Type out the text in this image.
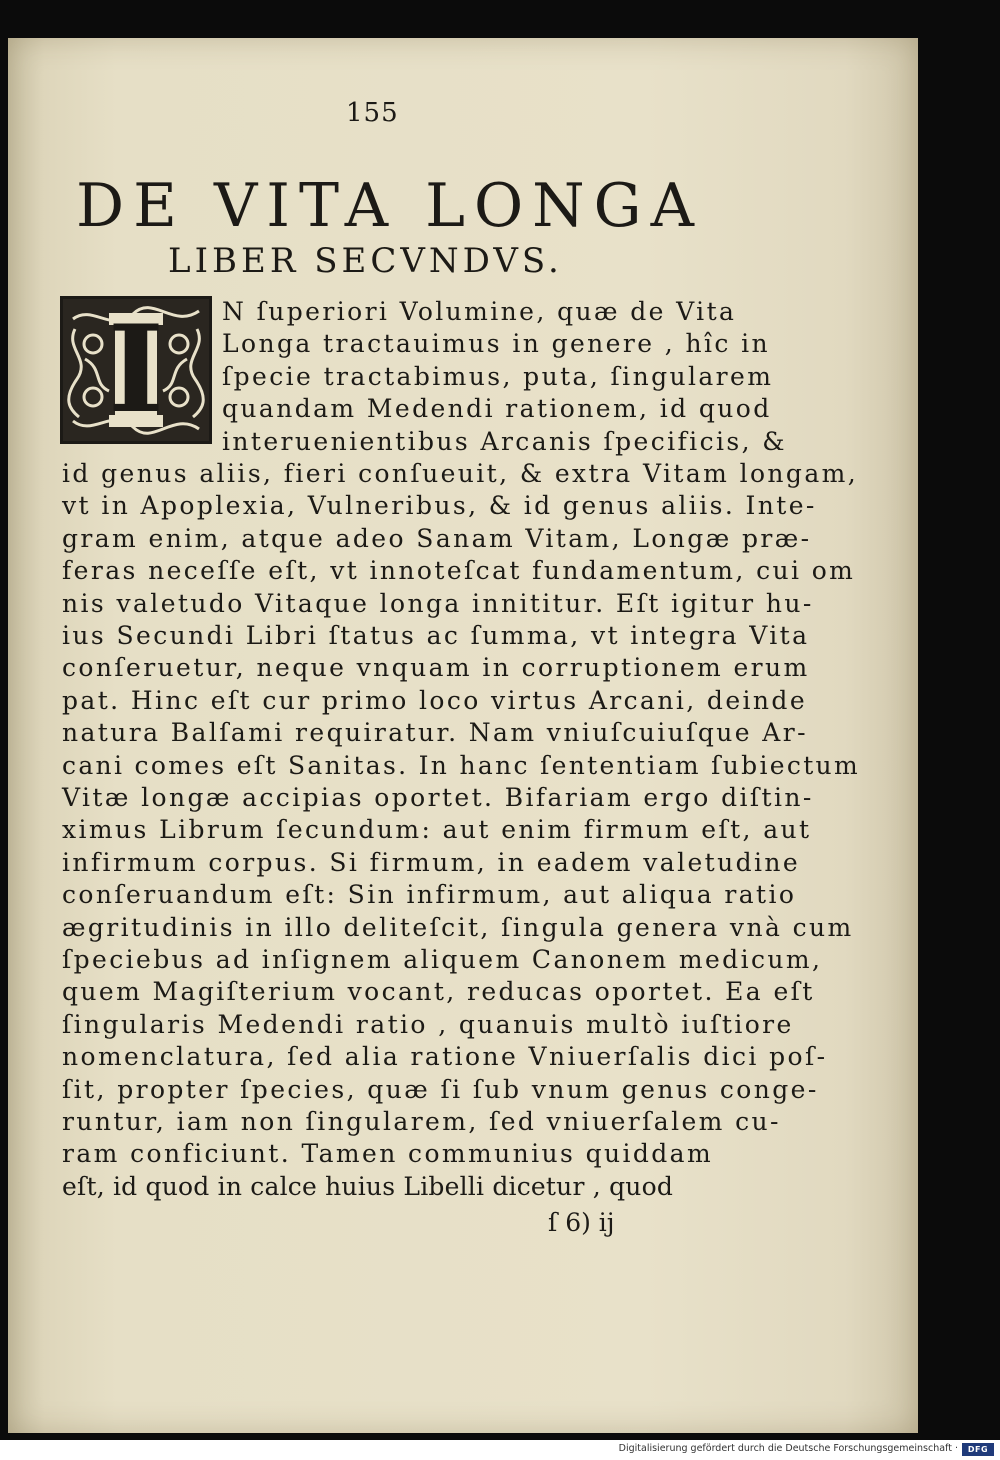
155
DE VITA LONGA
LIBER SECVNDVS.
I	N ſuperiori Volumine, quæ de Vita
Longa tractauimus in genere , hîc in
ſpecie tractabimus, puta, ſingularem
quandam Medendi rationem, id quod
interuenientibus Arcanis ſpecificis, &
id genus aliis, fieri conſueuit, & extra Vitam longam,
vt in Apoplexia, Vulneribus, & id genus aliis. Inte-
gram enim, atque adeo Sanam Vitam, Longæ præ-
feras neceſſe eſt, vt innoteſcat fundamentum, cui om
nis valetudo Vitaque longa innititur. Eſt igitur hu-
ius Secundi Libri ſtatus ac ſumma, vt integra Vita
conſeruetur, neque vnquam in corruptionem erum
pat. Hinc eſt cur primo loco virtus Arcani, deinde
natura Balſami requiratur. Nam vniuſcuiuſque Ar-
cani comes eſt Sanitas. In hanc ſententiam ſubiectum
Vitæ longæ accipias oportet. Bifariam ergo diſtin-
ximus Librum ſecundum: aut enim firmum eſt, aut
infirmum corpus. Si firmum, in eadem valetudine
conſeruandum eſt: Sin infirmum, aut aliqua ratio
ægritudinis in illo deliteſcit, ſingula genera vnà cum
ſpeciebus ad inſignem aliquem Canonem medicum,
quem Magiſterium vocant, reducas oportet. Ea eſt
ſingularis Medendi ratio , quanuis multò iuſtiore
nomenclatura, ſed alia ratione Vniuerſalis dici poſ-
ſit, propter ſpecies, quæ ſi ſub vnum genus conge-
runtur, iam non ſingularem, ſed vniuerſalem cu-
ram conficiunt. Tamen communius quiddam
eſt, id quod in calce huius Libelli dicetur , quod
ſ 6) ij
Digitalisierung gefördert durch die Deutsche Forschungsgemeinschaft ·	DFG
